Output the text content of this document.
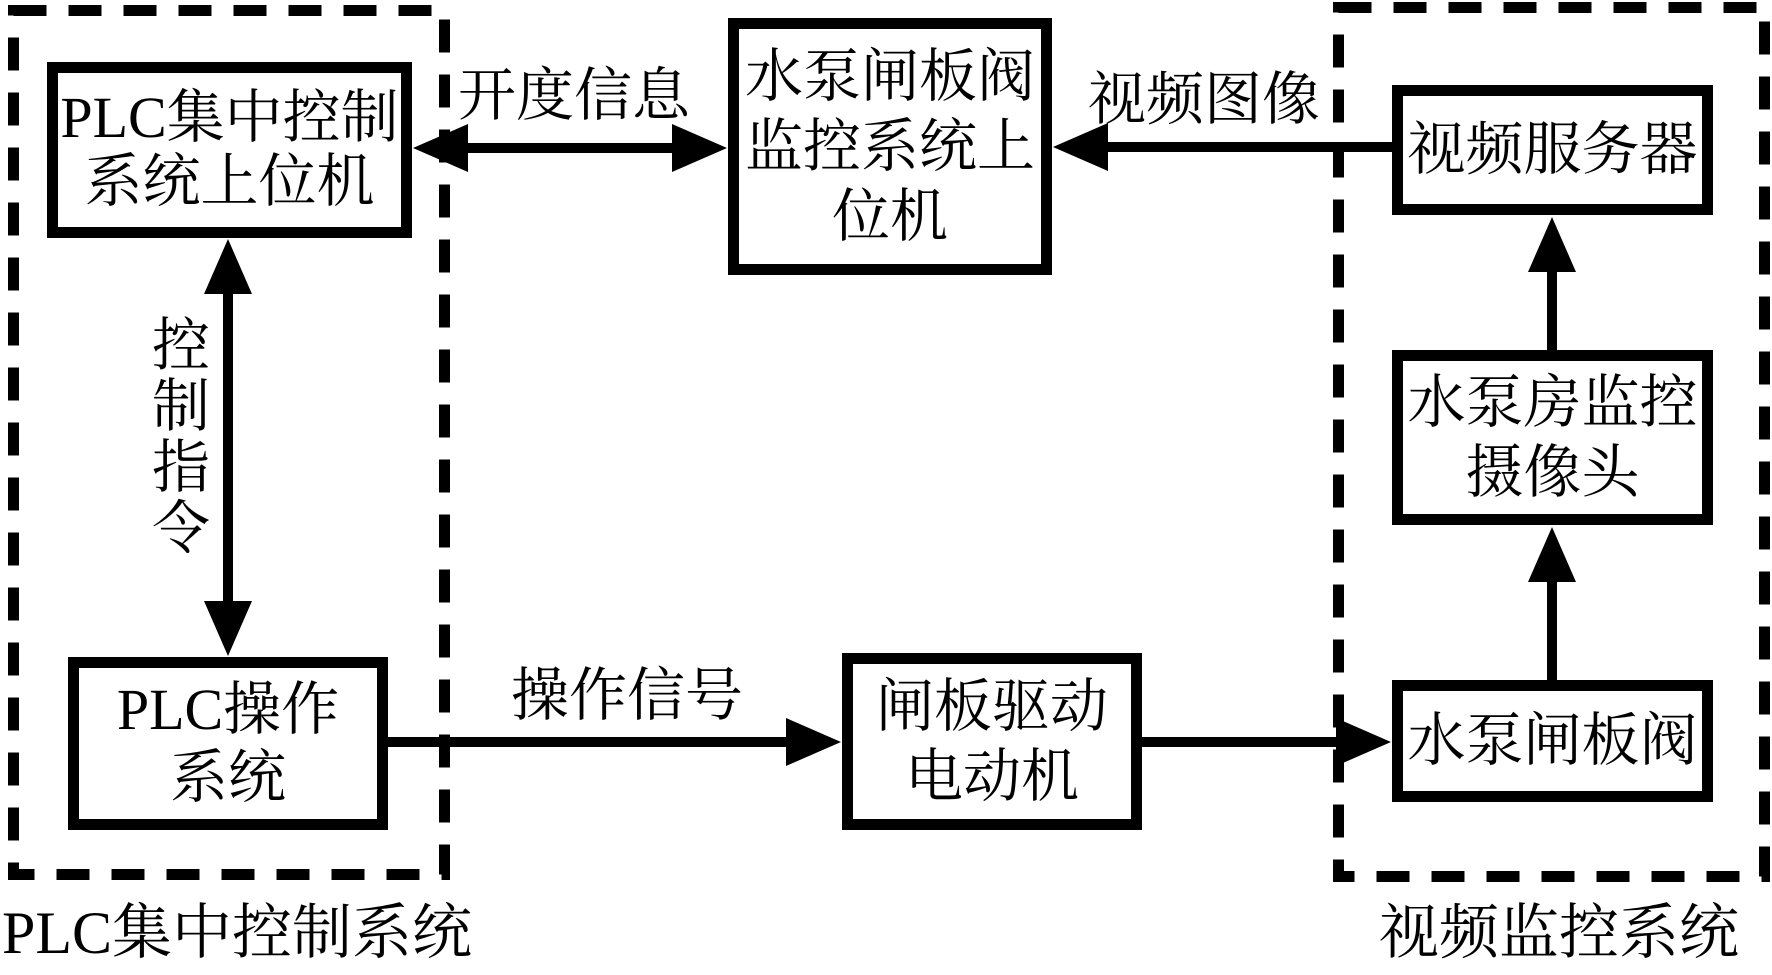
PLC集中控制
系统上位机
水泵闸板阀
监控系统上
位机
视频服务器
水泵房监控
摄像头
PLC操作
系统
闸板驱动
电动机
水泵闸板阀
开度信息	视频图像
控制指令
操作信号
PLC集中控制系统	视频监控系统
